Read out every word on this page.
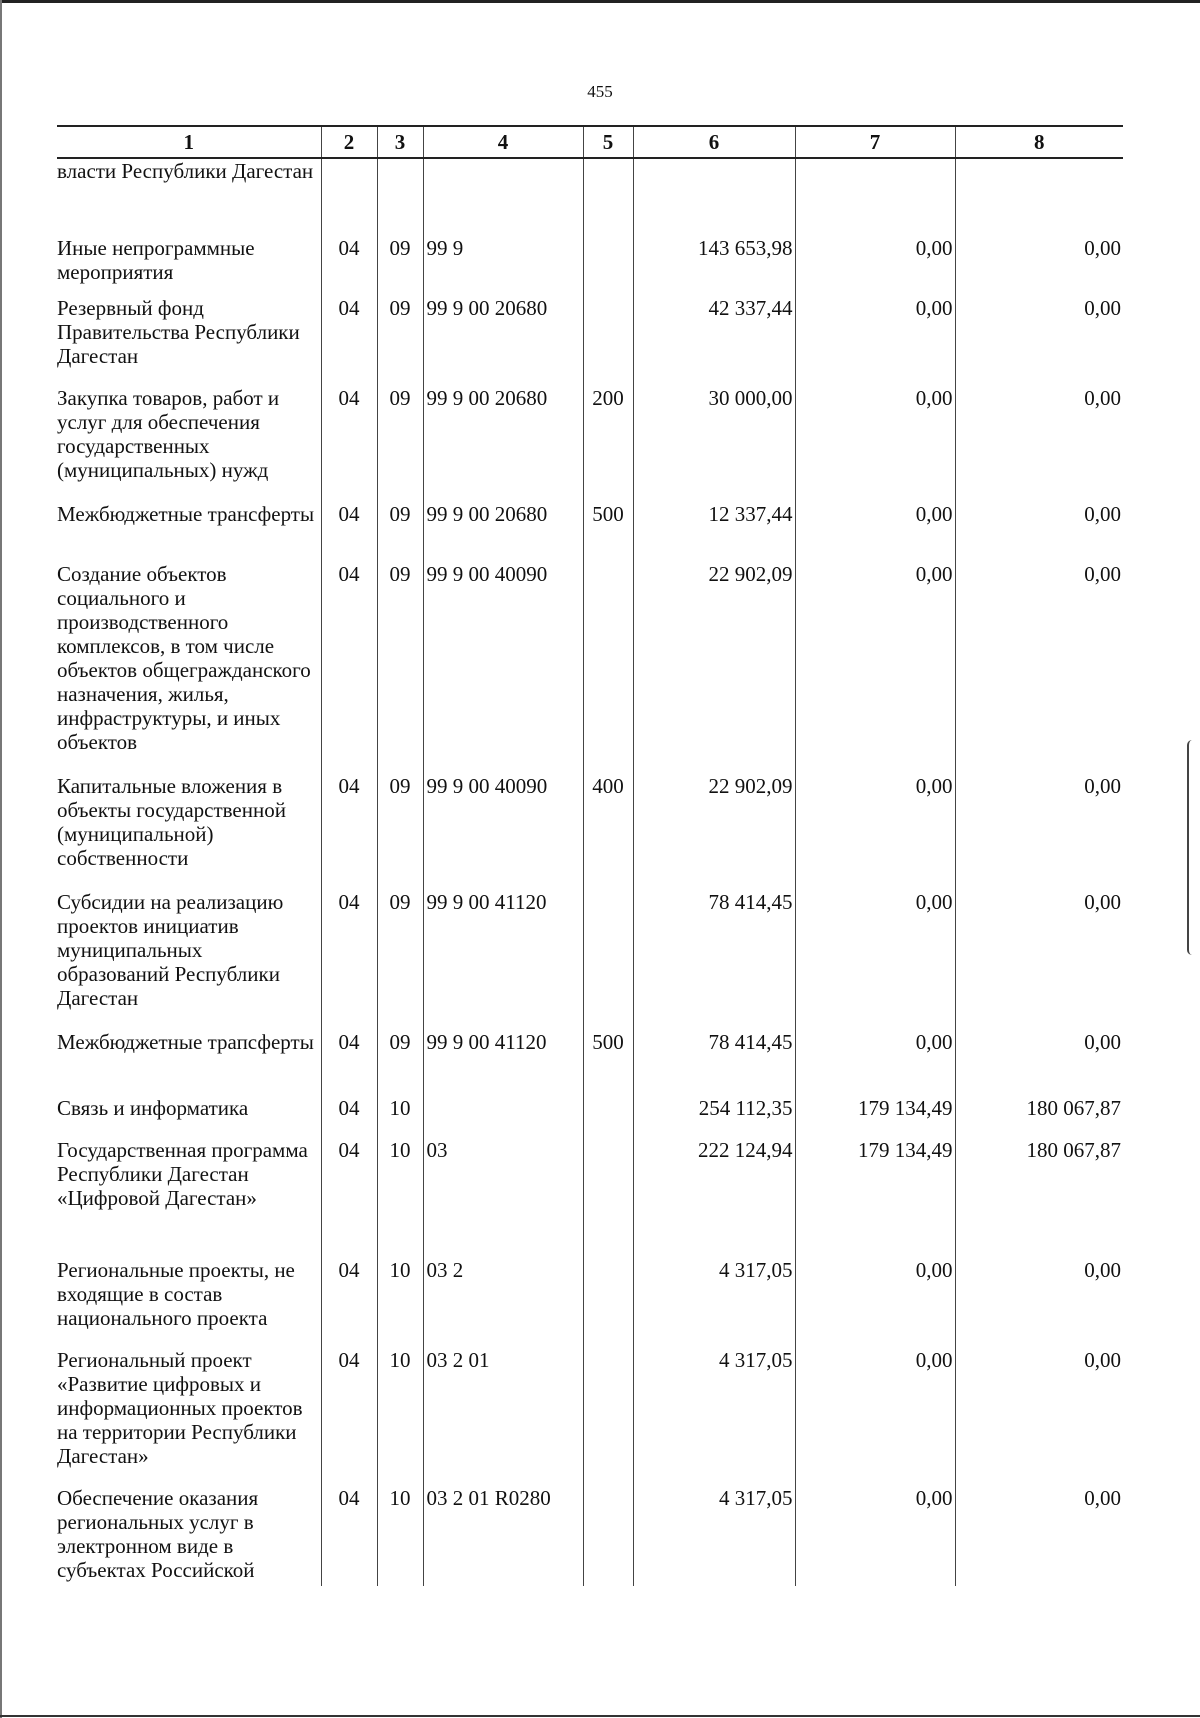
455
1	2	3	4	5	6	7	8
власти Республики Дагестан							
Иные непрограммные мероприятия	04	09	99 9		143 653,98	0,00	0,00
Резервный фонд Правительства Республики Дагестан	04	09	99 9 00 20680		42 337,44	0,00	0,00
Закупка товаров, работ и услуг для обеспечения государственных (муниципальных) нужд	04	09	99 9 00 20680	200	30 000,00	0,00	0,00
Межбюджетные трансферты	04	09	99 9 00 20680	500	12 337,44	0,00	0,00
Создание объектов социального и производственного комплексов, в том числе объектов общегражданского назначения, жилья, инфраструктуры, и иных объектов	04	09	99 9 00 40090		22 902,09	0,00	0,00
Капитальные вложения в объекты государственной (муниципальной) собственности	04	09	99 9 00 40090	400	22 902,09	0,00	0,00
Субсидии на реализацию проектов инициатив муниципальных образований Республики Дагестан	04	09	99 9 00 41120		78 414,45	0,00	0,00
Межбюджетные трапсферты	04	09	99 9 00 41120	500	78 414,45	0,00	0,00
Связь и информатика	04	10			254 112,35	179 134,49	180 067,87
Государственная программа Республики Дагестан «Цифровой Дагестан»	04	10	03		222 124,94	179 134,49	180 067,87
Региональные проекты, не входящие в состав национального проекта	04	10	03 2		4 317,05	0,00	0,00
Региональный проект «Развитие цифровых и информационных проектов на территории Республики Дагестан»	04	10	03 2 01		4 317,05	0,00	0,00
Обеспечение оказания региональных услуг в электронном виде в субъектах Российской	04	10	03 2 01 R0280		4 317,05	0,00	0,00
